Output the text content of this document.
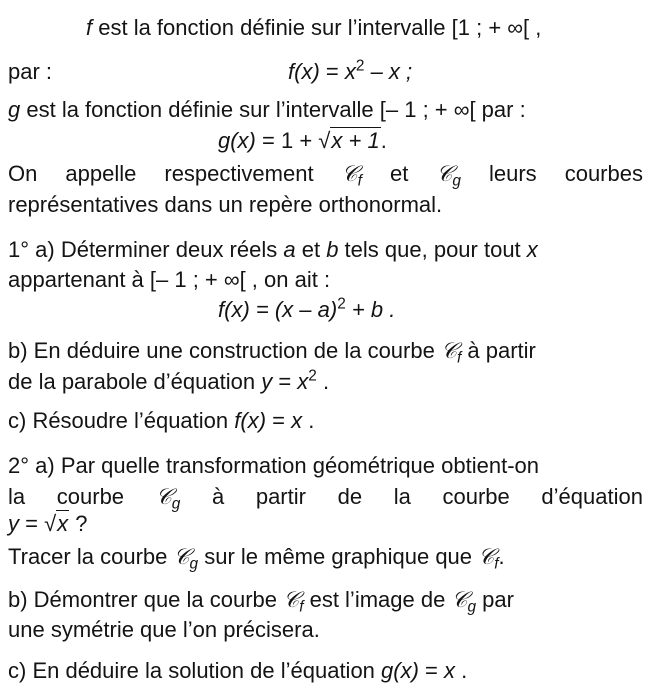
f est la fonction définie sur l’intervalle [1 ; + ∞[ ,
par :	$f(x) = x^2 - x$ ;
g est la fonction définie sur l’intervalle [– 1 ; + ∞[ par :
g(x) = 1 + √x + 1.
On appelle respectivement 𝒞$_f$ et 𝒞$_g$ leurs courbes
représentatives dans un repère orthonormal.
1° a) Déterminer deux réels a et b tels que, pour tout x
appartenant à [– 1 ; + ∞[ , on ait :
f(x) = (x – a)$^2$ + b .
b) En déduire une construction de la courbe 𝒞$_f$ à partir
de la parabole d’équation $y = x^2$ .
c) Résoudre l’équation f(x) = x .
2° a) Par quelle transformation géométrique obtient-on
la courbe 𝒞$_g$ à partir de la courbe d’équation
y = √x ?
Tracer la courbe 𝒞$_g$ sur le même graphique que 𝒞$_f$.
b) Démontrer que la courbe 𝒞$_f$ est l’image de 𝒞$_g$ par
une symétrie que l’on précisera.
c) En déduire la solution de l’équation g(x) = x .
